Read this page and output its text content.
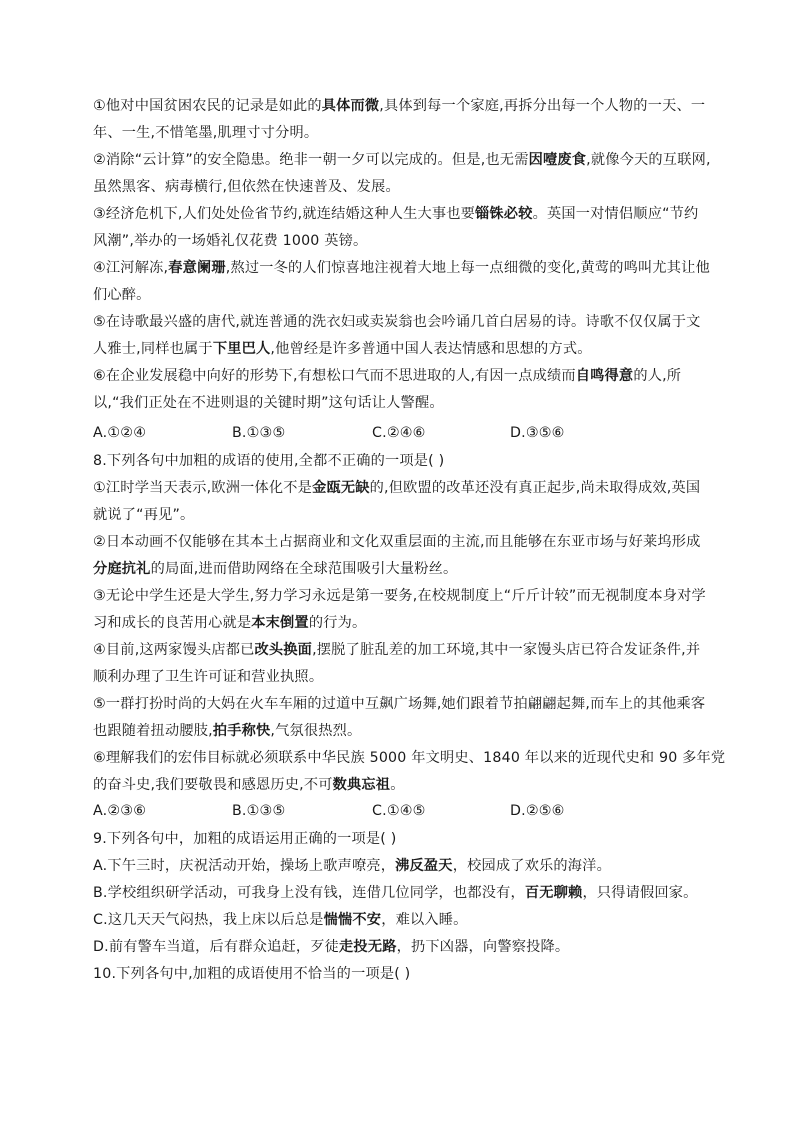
①他对中国贫困农民的记录是如此的具体而微,具体到每一个家庭,再拆分出每一个人物的一天、一
年、一生,不惜笔墨,肌理寸寸分明。
②消除“云计算”的安全隐患。绝非一朝一夕可以完成的。但是,也无需因噎废食,就像今天的互联网,
虽然黑客、病毒横行,但依然在快速普及、发展。
③经济危机下,人们处处俭省节约,就连结婚这种人生大事也要锱铢必较。英国一对情侣顺应“节约
风潮”,举办的一场婚礼仅花费 1000 英镑。
④江河解冻,春意阑珊,熬过一冬的人们惊喜地注视着大地上每一点细微的变化,黄莺的鸣叫尤其让他
们心醉。
⑤在诗歌最兴盛的唐代,就连普通的洗衣妇或卖炭翁也会吟诵几首白居易的诗。诗歌不仅仅属于文
人雅士,同样也属于下里巴人,他曾经是许多普通中国人表达情感和思想的方式。
⑥在企业发展稳中向好的形势下,有想松口气而不思进取的人,有因一点成绩而自鸣得意的人,所
以,“我们正处在不进则退的关键时期”这句话让人警醒。
A.①②④	B.①③⑤	C.②④⑥	D.③⑤⑥
8.下列各句中加粗的成语的使用,全都不正确的一项是( )
①江时学当天表示,欧洲一体化不是金瓯无缺的,但欧盟的改革还没有真正起步,尚未取得成效,英国
就说了“再见”。
②日本动画不仅能够在其本土占据商业和文化双重层面的主流,而且能够在东亚市场与好莱坞形成
分庭抗礼的局面,进而借助网络在全球范围吸引大量粉丝。
③无论中学生还是大学生,努力学习永远是第一要务,在校规制度上“斤斤计较”而无视制度本身对学
习和成长的良苦用心就是本末倒置的行为。
④目前,这两家馒头店都已改头换面,摆脱了脏乱差的加工环境,其中一家馒头店已符合发证条件,并
顺利办理了卫生许可证和营业执照。
⑤一群打扮时尚的大妈在火车车厢的过道中互飙广场舞,她们跟着节拍翩翩起舞,而车上的其他乘客
也跟随着扭动腰肢,拍手称快,气氛很热烈。
⑥理解我们的宏伟目标就必须联系中华民族 5000 年文明史、1840 年以来的近现代史和 90 多年党
的奋斗史,我们要敬畏和感恩历史,不可数典忘祖。
A.②③⑥	B.①③⑤	C.①④⑤	D.②⑤⑥
9.下列各句中，加粗的成语运用正确的一项是( )
A.下午三时，庆祝活动开始，操场上歌声嘹亮，沸反盈天，校园成了欢乐的海洋。
B.学校组织研学活动，可我身上没有钱，连借几位同学，也都没有，百无聊赖，只得请假回家。
C.这几天天气闷热，我上床以后总是惴惴不安，难以入睡。
D.前有警车当道，后有群众追赶，歹徒走投无路，扔下凶器，向警察投降。
10.下列各句中,加粗的成语使用不恰当的一项是( )
